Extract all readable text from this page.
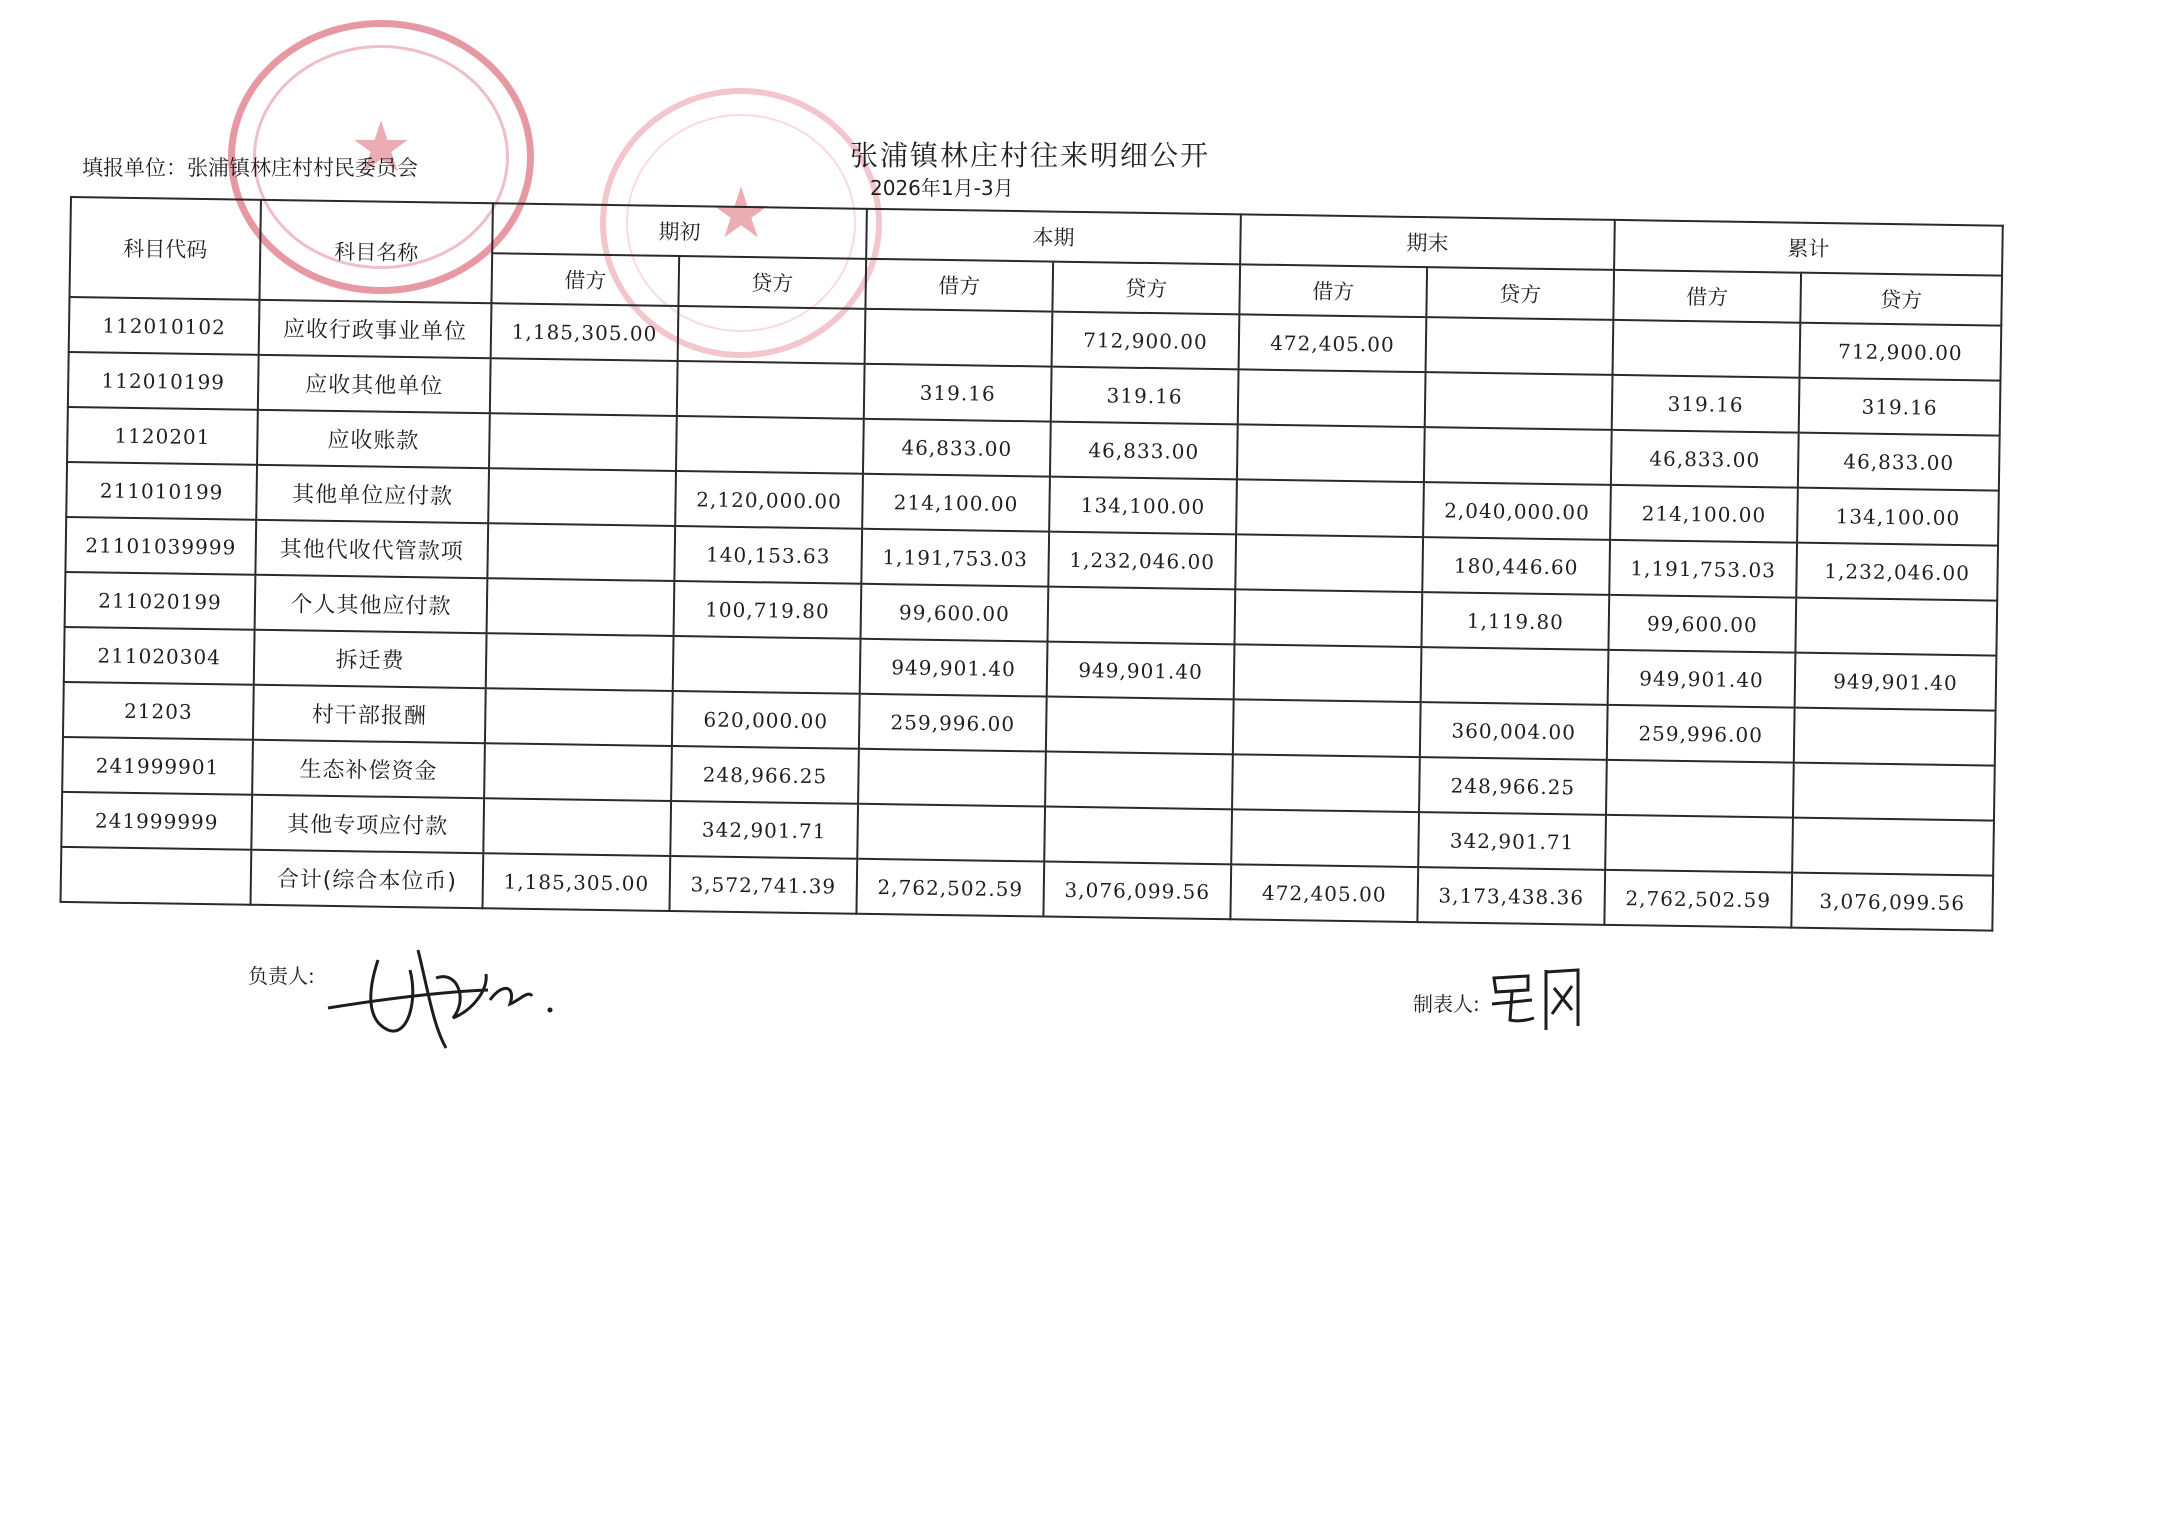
★
★
张浦镇林庄村往来明细公开
填报单位：张浦镇林庄村村民委员会
2026年1月-3月
科目代码	科目名称	期初		本期		期末		累计	
		借方	贷方	借方	贷方	借方	贷方	借方	贷方
112010102	应收行政事业单位	1,185,305.00			712,900.00	472,405.00			712,900.00
112010199	应收其他单位			319.16	319.16			319.16	319.16
1120201	应收账款			46,833.00	46,833.00			46,833.00	46,833.00
211010199	其他单位应付款		2,120,000.00	214,100.00	134,100.00		2,040,000.00	214,100.00	134,100.00
21101039999	其他代收代管款项		140,153.63	1,191,753.03	1,232,046.00		180,446.60	1,191,753.03	1,232,046.00
211020199	个人其他应付款		100,719.80	99,600.00			1,119.80	99,600.00	
211020304	拆迁费			949,901.40	949,901.40			949,901.40	949,901.40
21203	村干部报酬		620,000.00	259,996.00			360,004.00	259,996.00	
241999901	生态补偿资金		248,966.25				248,966.25		
241999999	其他专项应付款		342,901.71				342,901.71		
	合计(综合本位币)	1,185,305.00	3,572,741.39	2,762,502.59	3,076,099.56	472,405.00	3,173,438.36	2,762,502.59	3,076,099.56
负责人:
制表人:
